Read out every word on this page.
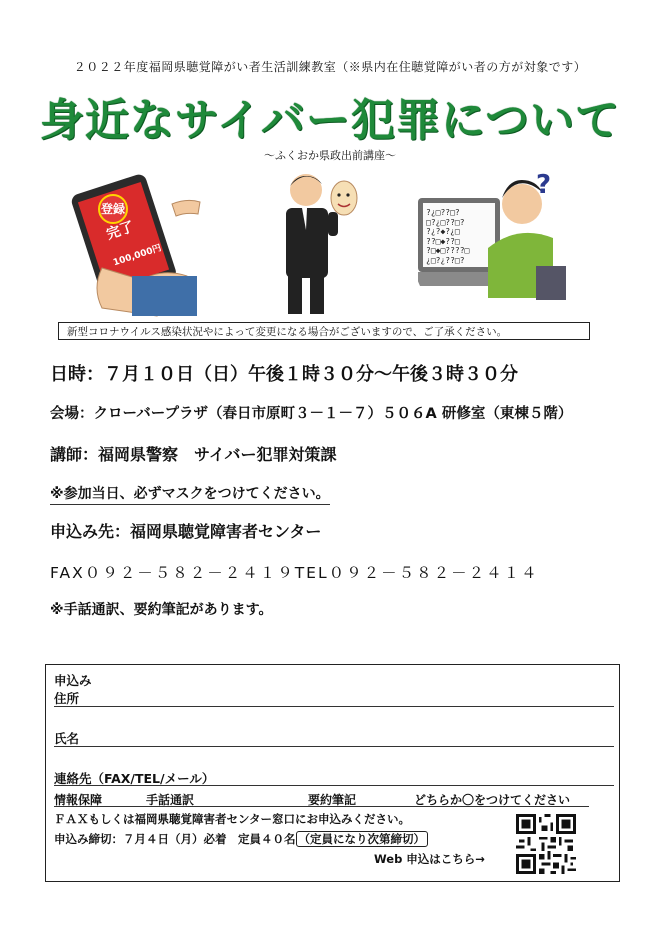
２０２２年度福岡県聴覚障がい者生活訓練教室（※県内在住聴覚障がい者の方が対象です）
身近なサイバー犯罪について
～ふくおか県政出前講座～
登録
完了
100,000円
?
?¿□??□?
□?¿□??□?
?¿?◆?¿□
??□◆??□
?□◆□????□
¿□?¿??□?
新型コロナウイルス感染状況やによって変更になる場合がございますので、ご了承ください。
日時：７月１０日（日）午後１時３０分～午後３時３０分
会場：クローバープラザ（春日市原町３－１－７）５０６A 研修室（東棟５階）
講師：福岡県警察　サイバー犯罪対策課
※参加当日、必ずマスクをつけてください。
申込み先：福岡県聴覚障害者センター
FAX０９２－５８２－２４１９TEL０９２－５８２－２４１４
※手話通訳、要約筆記があります。
申込み
住所
氏名
連絡先（FAX/TEL/メール）
情報保障	手話通訳	要約筆記	どちらか〇をつけてください
ＦＡＸもしくは福岡県聴覚障害者センター窓口にお申込みください。
申込み締切：７月４日（月）必着　定員４０名 （定員になり次第締切）
Web 申込はこちら→
